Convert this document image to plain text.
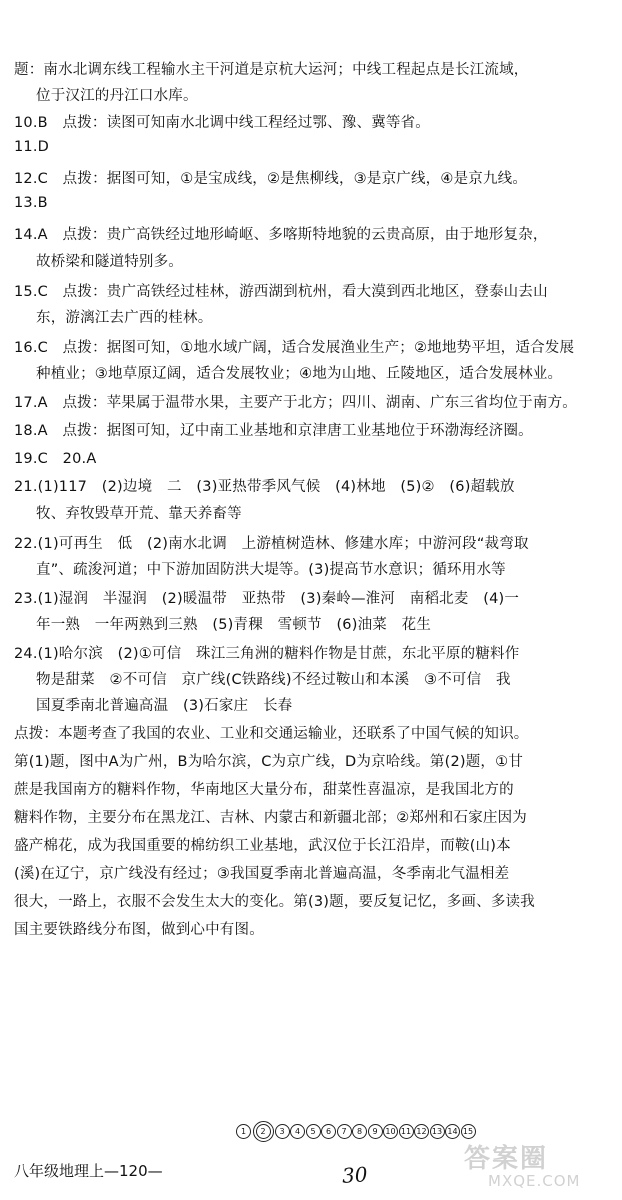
题：南水北调东线工程输水主干河道是京杭大运河；中线工程起点是长江流域，
位于汉江的丹江口水库。
10.B　点拨：读图可知南水北调中线工程经过鄂、豫、冀等省。
11.D
12.C　点拨：据图可知，①是宝成线，②是焦柳线，③是京广线，④是京九线。
13.B
14.A　点拨：贵广高铁经过地形崎岖、多喀斯特地貌的云贵高原，由于地形复杂，
故桥梁和隧道特别多。
15.C　点拨：贵广高铁经过桂林，游西湖到杭州，看大漠到西北地区，登泰山去山
东，游漓江去广西的桂林。
16.C　点拨：据图可知，①地水域广阔，适合发展渔业生产；②地地势平坦，适合发展
种植业；③地草原辽阔，适合发展牧业；④地为山地、丘陵地区，适合发展林业。
17.A　点拨：苹果属于温带水果，主要产于北方；四川、湖南、广东三省均位于南方。
18.A　点拨：据图可知，辽中南工业基地和京津唐工业基地位于环渤海经济圈。
19.C　20.A
21.(1)117　(2)边境　二　(3)亚热带季风气候　(4)林地　(5)②　(6)超载放
牧、弃牧毁草开荒、靠天养畜等
22.(1)可再生　低　(2)南水北调　上游植树造林、修建水库；中游河段“裁弯取
直”、疏浚河道；中下游加固防洪大堤等。(3)提高节水意识；循环用水等
23.(1)湿润　半湿润　(2)暖温带　亚热带　(3)秦岭—淮河　南稻北麦　(4)一
年一熟　一年两熟到三熟　(5)青稞　雪顿节　(6)油菜　花生
24.(1)哈尔滨　(2)①可信　珠江三角洲的糖料作物是甘蔗，东北平原的糖料作
物是甜菜　②不可信　京广线(C铁路线)不经过鞍山和本溪　③不可信　我
国夏季南北普遍高温　(3)石家庄　长春
点拨：本题考查了我国的农业、工业和交通运输业，还联系了中国气候的知识。
第(1)题，图中A为广州，B为哈尔滨，C为京广线，D为京哈线。第(2)题，①甘
蔗是我国南方的糖料作物，华南地区大量分布，甜菜性喜温凉，是我国北方的
糖料作物，主要分布在黑龙江、吉林、内蒙古和新疆北部；②郑州和石家庄因为
盛产棉花，成为我国重要的棉纺织工业基地，武汉位于长江沿岸，而鞍(山)本
(溪)在辽宁，京广线没有经过；③我国夏季南北普遍高温，冬季南北气温相差
很大，一路上，衣服不会发生太大的变化。第(3)题，要反复记忆，多画、多读我
国主要铁路线分布图，做到心中有图。
1	2	3	4	5	6	7	8	9 10 11 12 13 14 15
八年级地理上—120—	30
答案圈
MXQE.COM
